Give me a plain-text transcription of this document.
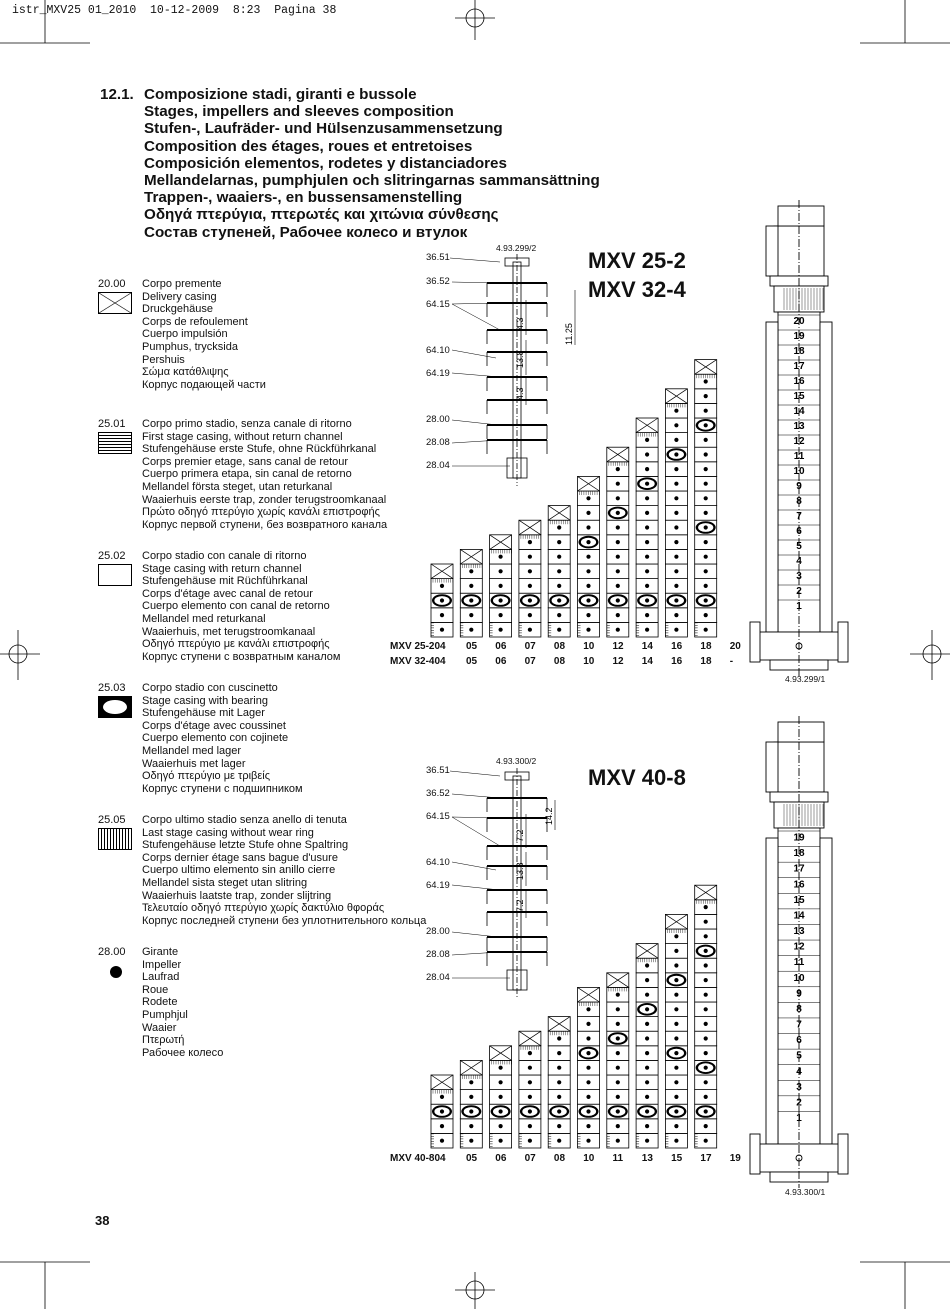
istr_MXV25 01_2010  10-12-2009  8:23  Pagina 38
12.1. Composizione stadi, giranti e bussole
Stages, impellers and sleeves composition
Stufen-, Laufräder- und Hülsenzusammensetzung
Composition des étages, roues et entretoises
Composición elementos, rodetes y distanciadores
Mellandelarnas, pumphjulen och slitringarnas sammansättning
Trappen-, waaiers-, en bussensamenstelling
Οδηγά πτερύγια, πτερωτές και χιτώνια σύνθεσης
Состав ступеней, Рабочее колесо и втулок
20.00 Corpo premente
Delivery casing
Druckgehäuse
Corps de refoulement
Cuerpo impulsión
Pumphus, trycksida
Pershuis
Σώμα κατάθλιψης
Корпус подающей части
25.01 Corpo primo stadio, senza canale di ritorno
First stage casing, without return channel
Stufengehäuse erste Stufe, ohne Rückführkanal
Corps premier etage, sans canal de retour
Cuerpo primera etapa, sin canal de retorno
Mellandel första steget, utan returkanal
Waaierhuis eerste trap, zonder terugstroomkanaal
Πρώτο οδηγό πτερύγιο χωρίς κανάλι επιστροφής
Корпус первой ступени, без возвратного канала
25.02 Corpo stadio con canale di ritorno
Stage casing with return channel
Stufengehäuse mit Rüchführkanal
Corps d'étage avec canal de retour
Cuerpo elemento con canal de retorno
Mellandel med returkanal
Waaierhuis, met terugstroomkanaal
Οδηγό πτερύγιο με κανάλι επιστροφής
Корпус ступени с возвратным каналом
25.03 Corpo stadio con cuscinetto
Stage casing with bearing
Stufengehäuse mit Lager
Corps d'étage avec coussinet
Cuerpo elemento con cojinete
Mellandel med lager
Waaierhuis met lager
Οδηγό πτερύγιο με τριβείς
Корпус ступени с подшипником
25.05 Corpo ultimo stadio senza anello di tenuta
Last stage casing without wear ring
Stufengehäuse letzte Stufe ohne Spaltring
Corps dernier étage sans bague d'usure
Cuerpo ultimo elemento sin anillo cierre
Mellandel sista steget utan slitring
Waaierhuis laatste trap, zonder slijtring
Τελευταίο οδηγό πτερύγιο χωρίς δακτύλιο θφοράς
Корпус последней ступени без уплотнительного кольца
28.00 Girante
Impeller
Laufrad
Roue
Rodete
Pumphjul
Waaier
Πτερωτή
Рабочее колесо
MXV 25-2
MXV 32-4
4.93.299/2
4.93.299/1
36.51
36.52
64.15
64.10
64.19
28.00
28.08
28.04
4.3	11.25
13.8
4.3
20
19
18
17
16
15
14
13
12
11
10
9
8
7
6
5
4
3
2
1
MXV 25-204
MXV 32-404
05 06 07 08 10 12 14 16 18 20
05 06 07 08 10 12 14 16 18 -
MXV 40-8
4.93.300/2
4.93.300/1
36.51
36.52
64.15
64.10
64.19
28.00
28.08
28.04
7.2
14.2
13.8
7.2
19
18
17
16
15
14
13
12
11
10
9
8
7
6
5
4
3
2
1
MXV 40-804 05 06 07 08 10 11 13 15 17 19
38
